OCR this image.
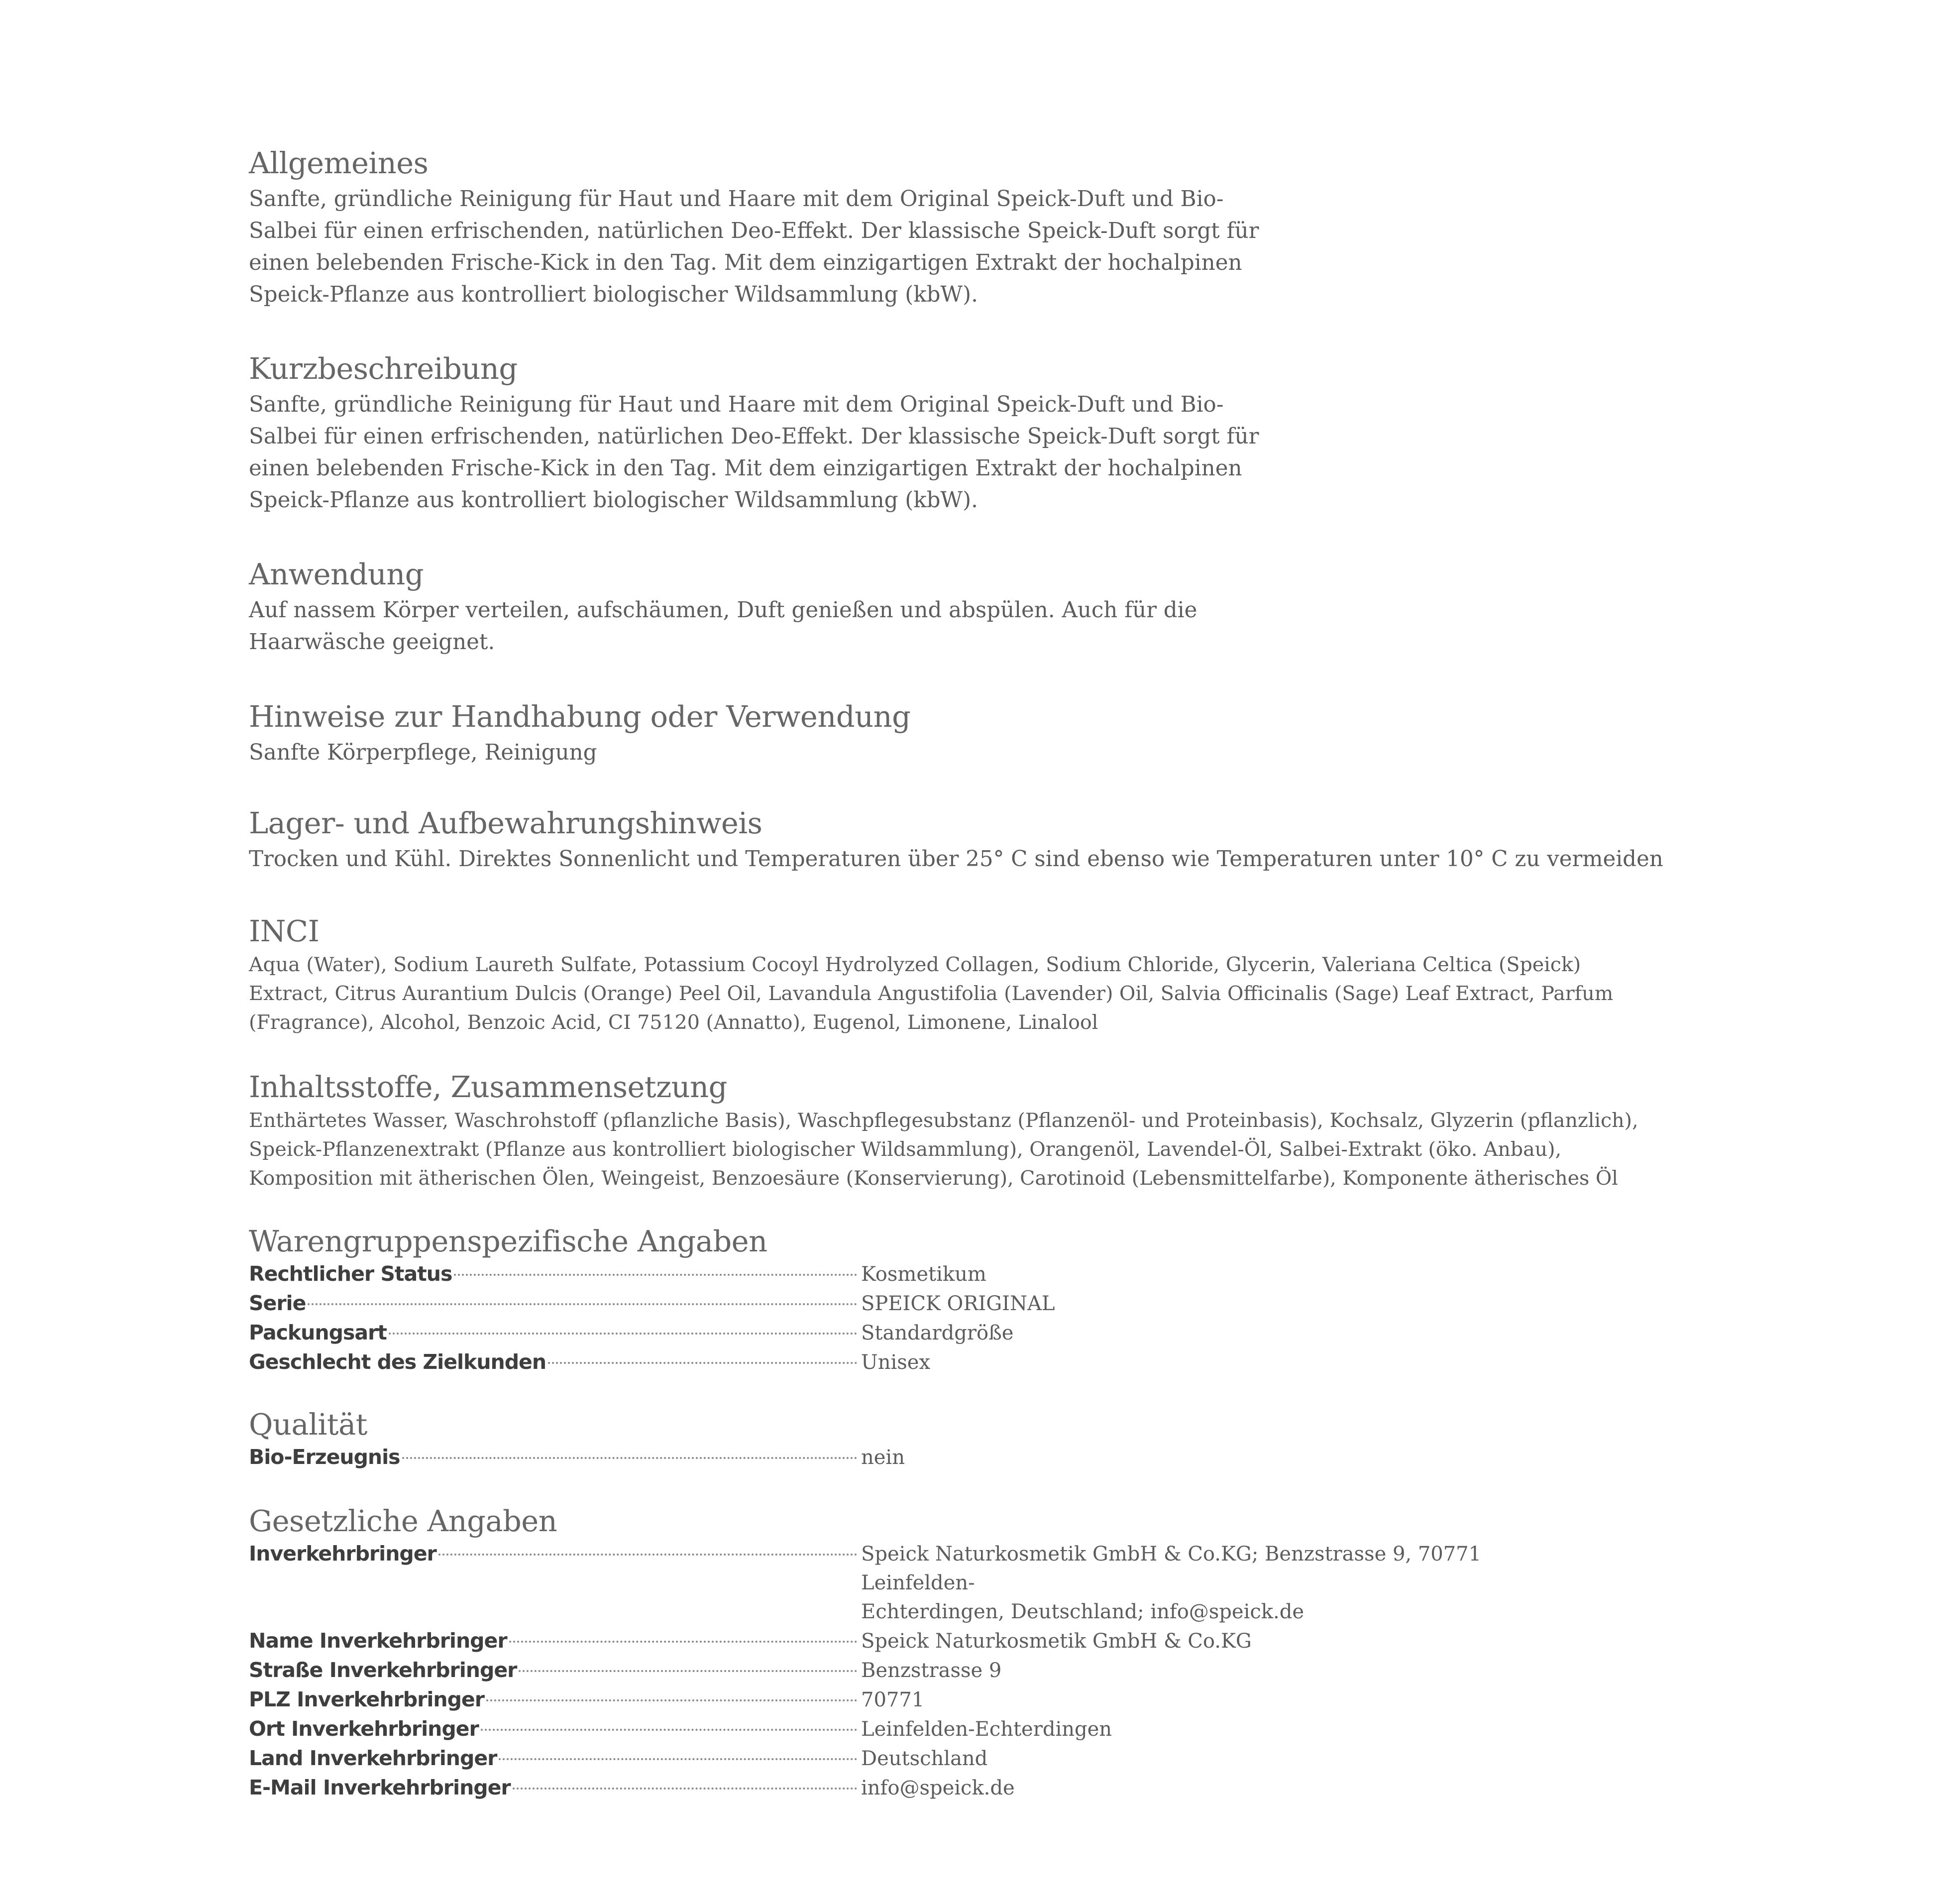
Allgemeines

Sanfte, gründliche Reinigung für Haut und Haare mit dem Original Speick-Duft und Bio-
Salbei für einen erfrischenden, natürlichen Deo-Effekt. Der klassische Speick-Duft sorgt für
einen belebenden Frische-Kick in den Tag. Mit dem einzigartigen Extrakt der hochalpinen
Speick-Pflanze aus kontrolliert biologischer Wildsammlung (kbW).

Kurzbeschreibung

Sanfte, gründliche Reinigung für Haut und Haare mit dem Original Speick-Duft und Bio-
Salbei für einen erfrischenden, natürlichen Deo-Effekt. Der klassische Speick-Duft sorgt für
einen belebenden Frische-Kick in den Tag. Mit dem einzigartigen Extrakt der hochalpinen
Speick-Pflanze aus kontrolliert biologischer Wildsammlung (kbW).

Anwendung

Auf nassem Körper verteilen, aufschäumen, Duft genießen und abspülen. Auch für die
Haarwäsche geeignet.

Hinweise zur Handhabung oder Verwendung

Sanfte Körperpflege, Reinigung

Lager- und Aufbewahrungshinweis

Trocken und Kühl. Direktes Sonnenlicht und Temperaturen über 25° C sind ebenso wie Temperaturen unter 10° C zu vermeiden

INCI

Aqua (Water), Sodium Laureth Sulfate, Potassium Cocoyl Hydrolyzed Collagen, Sodium Chloride, Glycerin, Valeriana Celtica (Speick)
Extract, Citrus Aurantium Dulcis (Orange) Peel Oil, Lavandula Angustifolia (Lavender) Oil, Salvia Officinalis (Sage) Leaf Extract, Parfum
(Fragrance), Alcohol, Benzoic Acid, CI 75120 (Annatto), Eugenol, Limonene, Linalool

Inhaltsstoffe, Zusammensetzung

Enthärtetes Wasser, Waschrohstoff (pflanzliche Basis), Waschpflegesubstanz (Pflanzenöl- und Proteinbasis), Kochsalz, Glyzerin (pflanzlich),
Speick-Pflanzenextrakt (Pflanze aus kontrolliert biologischer Wildsammlung), Orangenöl, Lavendel-Öl, Salbei-Extrakt (öko. Anbau),
Komposition mit ätherischen Ölen, Weingeist, Benzoesäure (Konservierung), Carotinoid (Lebensmittelfarbe), Komponente ätherisches Öl

Warengruppenspezifische Angaben
Rechtlicher Status	Kosmetikum
Serie	SPEICK ORIGINAL
Packungsart	Standardgröße
Geschlecht des Zielkunden	Unisex
Qualität
Bio-Erzeugnis	nein
Gesetzliche Angaben
Inverkehrbringer	Speick Naturkosmetik GmbH & Co.KG; Benzstrasse 9, 70771 Leinfelden-
Echterdingen, Deutschland; info@speick.de
Name Inverkehrbringer	Speick Naturkosmetik GmbH & Co.KG
Straße Inverkehrbringer	Benzstrasse 9
PLZ Inverkehrbringer	70771
Ort Inverkehrbringer	Leinfelden-Echterdingen
Land Inverkehrbringer	Deutschland
E-Mail Inverkehrbringer	info@speick.de
